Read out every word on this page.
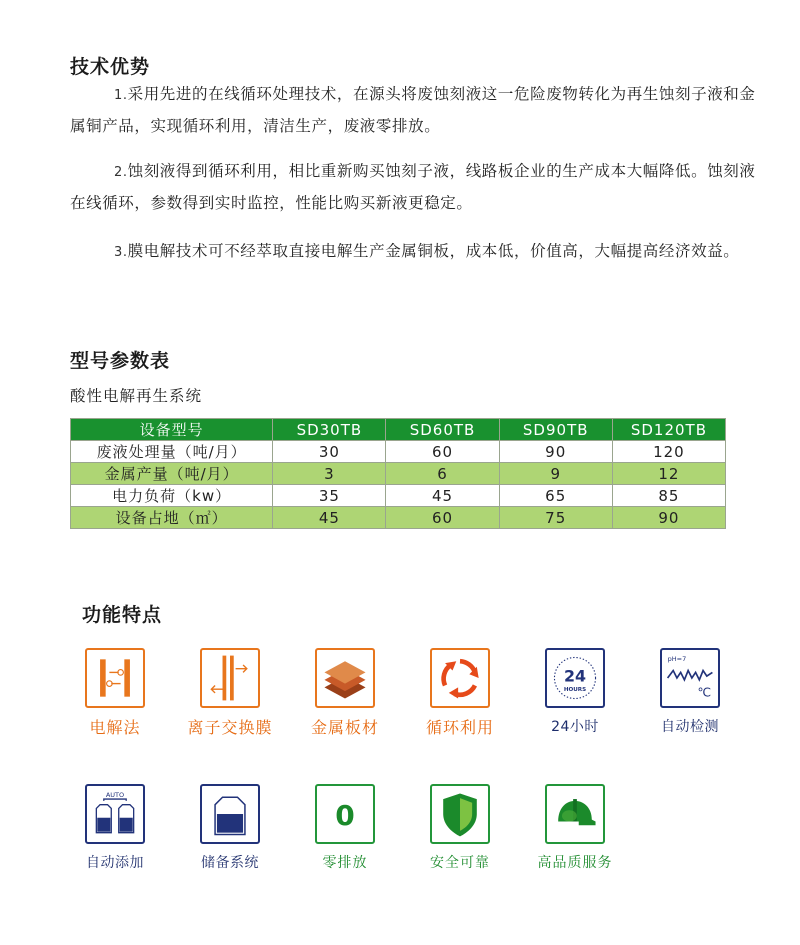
技术优势
1.采用先进的在线循环处理技术，在源头将废蚀刻液这一危险废物转化为再生蚀刻子液和金属铜产品，实现循环利用，清洁生产，废液零排放。
2.蚀刻液得到循环利用，相比重新购买蚀刻子液，线路板企业的生产成本大幅降低。蚀刻液在线循环，参数得到实时监控，性能比购买新液更稳定。
3.膜电解技术可不经萃取直接电解生产金属铜板，成本低，价值高，大幅提高经济效益。
型号参数表
酸性电解再生系统
设备型号	SD30TB	SD60TB	SD90TB	SD120TB
废液处理量（吨/月）	30	60	90	120
金属产量（吨/月）	3	6	9	12
电力负荷（kw）	35	45	65	85
设备占地（㎡）	45	60	75	90
功能特点
电解法	离子交换膜	金属板材	循环利用
24
HOURS
24小时
pH=7
℃
自动检测
AUTO
自动添加	储备系统
0
零排放	安全可靠	高品质服务
